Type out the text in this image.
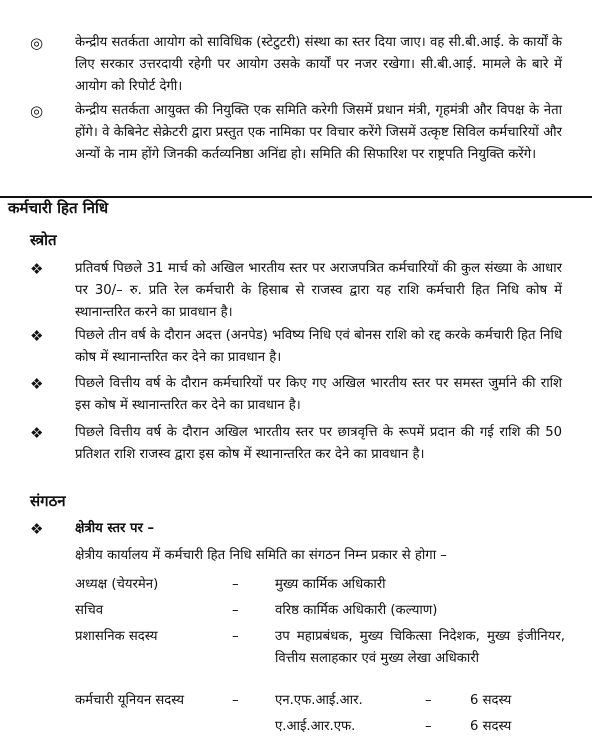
◎	केन्द्रीय सतर्कता आयोग को साविधिक (स्टेटुटरी) संस्था का स्तर दिया जाए। वह सी.बी.आई. के कार्यों के लिए सरकार उत्तरदायी रहेगी पर आयोग उसके कार्यों पर नजर रखेगा। सी.बी.आई. मामले के बारे में आयोग को रिपोर्ट देगी।
◎	केन्द्रीय सतर्कता आयुक्त की नियुक्ति एक समिति करेगी जिसमें प्रधान मंत्री, गृहमंत्री और विपक्ष के नेता होंगे। वे केबिनेट सेक्रेटरी द्वारा प्रस्तुत एक नामिका पर विचार करेंगे जिसमें उत्कृष्ट सिविल कर्मचारियों और अन्यों के नाम होंगे जिनकी कर्तव्यनिष्ठा अनिंद्य हो। समिति की सिफारिश पर राष्ट्रपति नियुक्ति करेंगे।
कर्मचारी हित निधि
स्त्रोत
❖	प्रतिवर्ष पिछले 31 मार्च को अखिल भारतीय स्तर पर अराजपत्रित कर्मचारियों की कुल संख्या के आधार पर 30/– रु. प्रति रेल कर्मचारी के हिसाब से राजस्व द्वारा यह राशि कर्मचारी हित निधि कोष में स्थानान्तरित करने का प्रावधान है।
❖	पिछले तीन वर्ष के दौरान अदत्त (अनपेड) भविष्य निधि एवं बोनस राशि को रद्द करके कर्मचारी हित निधि कोष में स्थानान्तरित कर देने का प्रावधान है।
❖	पिछले वित्तीय वर्ष के दौरान कर्मचारियों पर किए गए अखिल भारतीय स्तर पर समस्त जुर्माने की राशि इस कोष में स्थानान्तरित कर देने का प्रावधान है।
❖	पिछले वित्तीय वर्ष के दौरान अखिल भारतीय स्तर पर छात्रवृत्ति के रूपमें प्रदान की गई राशि की 50 प्रतिशत राशि राजस्व द्वारा इस कोष में स्थानान्तरित कर देने का प्रावधान है।
संगठन
❖	क्षेत्रीय स्तर पर –
क्षेत्रीय कार्यालय में कर्मचारी हित निधि समिति का संगठन निम्न प्रकार से होगा –
अध्यक्ष (चेयरमेन)	–	मुख्य कार्मिक अधिकारी
सचिव	–	वरिष्ठ कार्मिक अधिकारी (कल्याण)
प्रशासनिक सदस्य	–	उप महाप्रबंधक, मुख्य चिकित्सा निदेशक, मुख्य इंजीनियर, वित्तीय सलाहकार एवं मुख्य लेखा अधिकारी
कर्मचारी यूनियन सदस्य	–	एन.एफ.आई.आर.	–	6 सदस्य
ए.आई.आर.एफ.	–	6 सदस्य
